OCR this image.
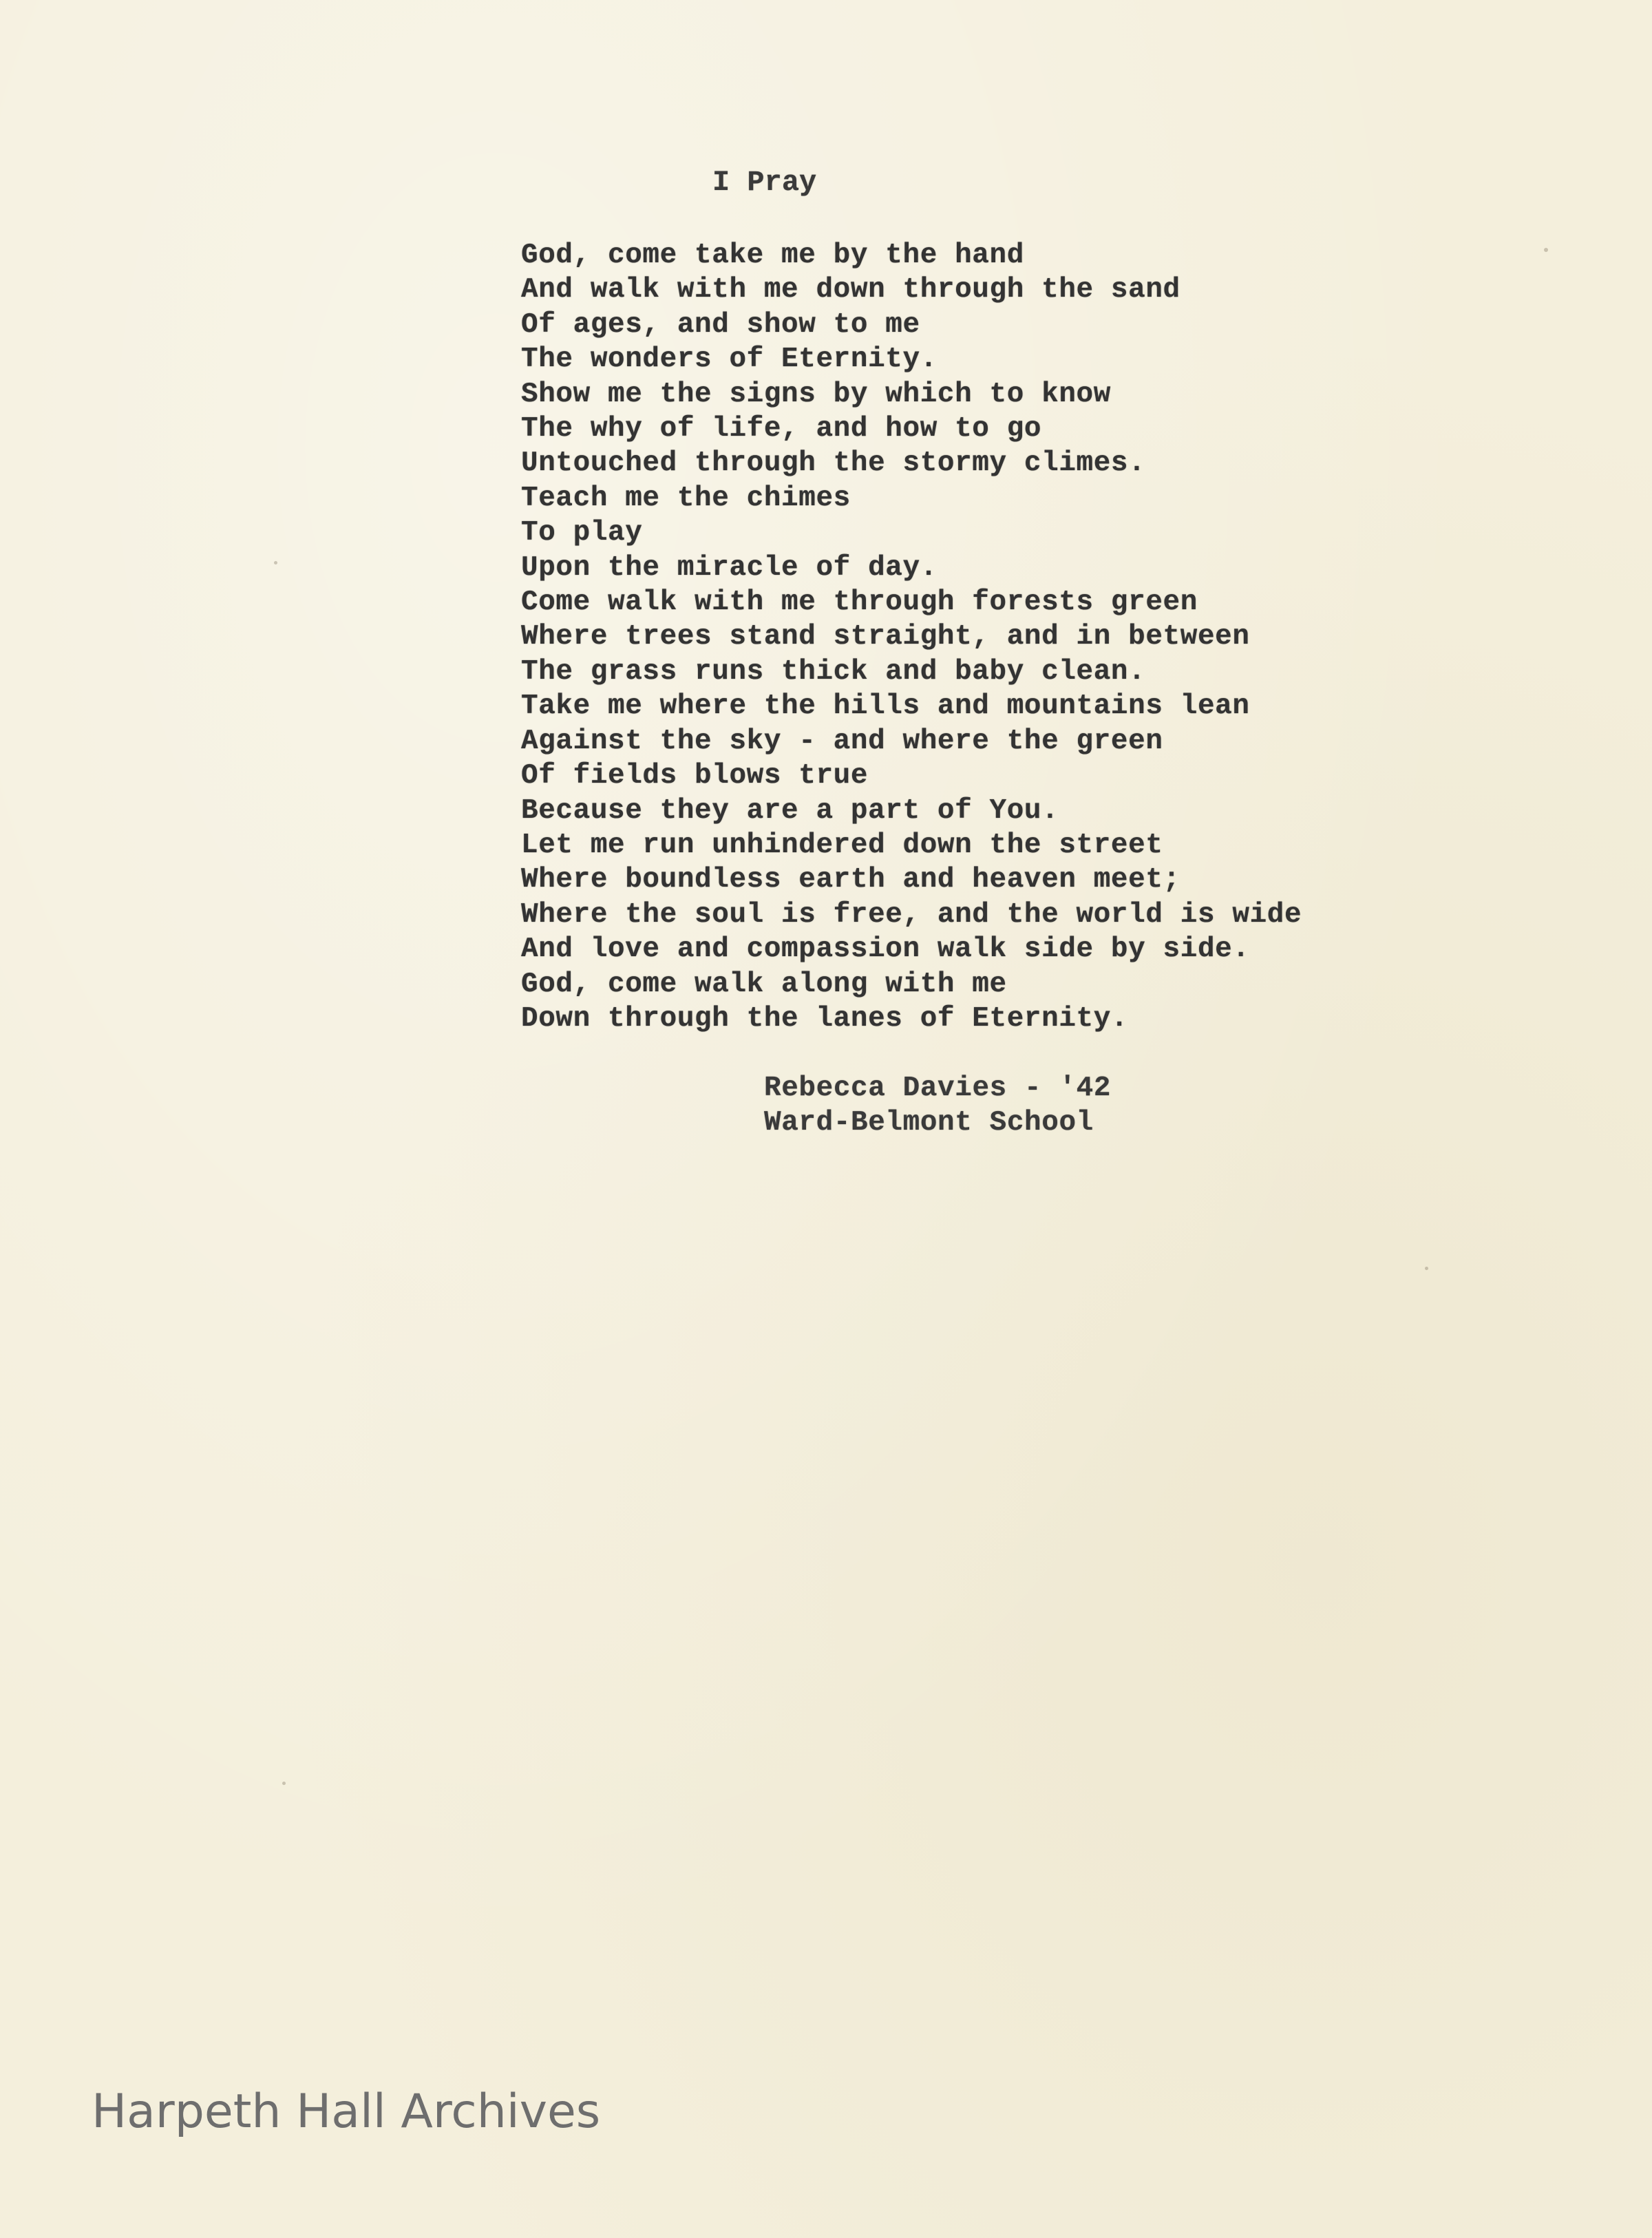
I Pray
God, come take me by the hand
And walk with me down through the sand
Of ages, and show to me
The wonders of Eternity.
Show me the signs by which to know
The why of life, and how to go
Untouched through the stormy climes.
Teach me the chimes
To play
Upon the miracle of day.
Come walk with me through forests green
Where trees stand straight, and in between
The grass runs thick and baby clean.
Take me where the hills and mountains lean
Against the sky - and where the green
Of fields blows true
Because they are a part of You.
Let me run unhindered down the street
Where boundless earth and heaven meet;
Where the soul is free, and the world is wide
And love and compassion walk side by side.
God, come walk along with me
Down through the lanes of Eternity.
Rebecca Davies - '42
Ward-Belmont School
Harpeth Hall Archives
